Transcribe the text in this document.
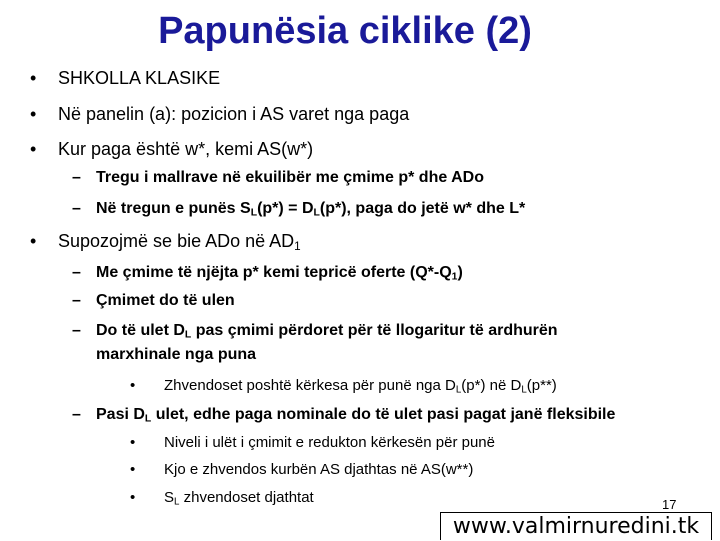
Papunësia ciklike (2)
• SHKOLLA KLASIKE
• Në panelin (a): pozicion i AS varet nga paga
• Kur paga është w*, kemi AS(w*)
– Tregu i mallrave në ekuilibër me çmime p* dhe ADo
– Në tregun e punës $S_L(p*) = D_L(p*)$, paga do jetë w* dhe L*
• Supozojmë se bie ADo në $AD_1$
– Me çmime të njëjta p* kemi tepricë oferte $(Q*-Q_1)$
– Çmimet do të ulen
– Do të ulet $D_L$ pas çmimi përdoret për të llogaritur të ardhurën
marxhinale nga puna
• Zhvendoset poshtë kërkesa për punë nga $D_L(p*)$ në $D_L(p**)$
– Pasi $D_L$ ulet, edhe paga nominale do të ulet pasi pagat janë fleksibile
• Niveli i ulët i çmimit e redukton kërkesën për punë
• Kjo e zhvendos kurbën AS djathtas në AS(w**)
• $S_L$ zhvendoset djathtat	17
www.valmirnuredini.tk
